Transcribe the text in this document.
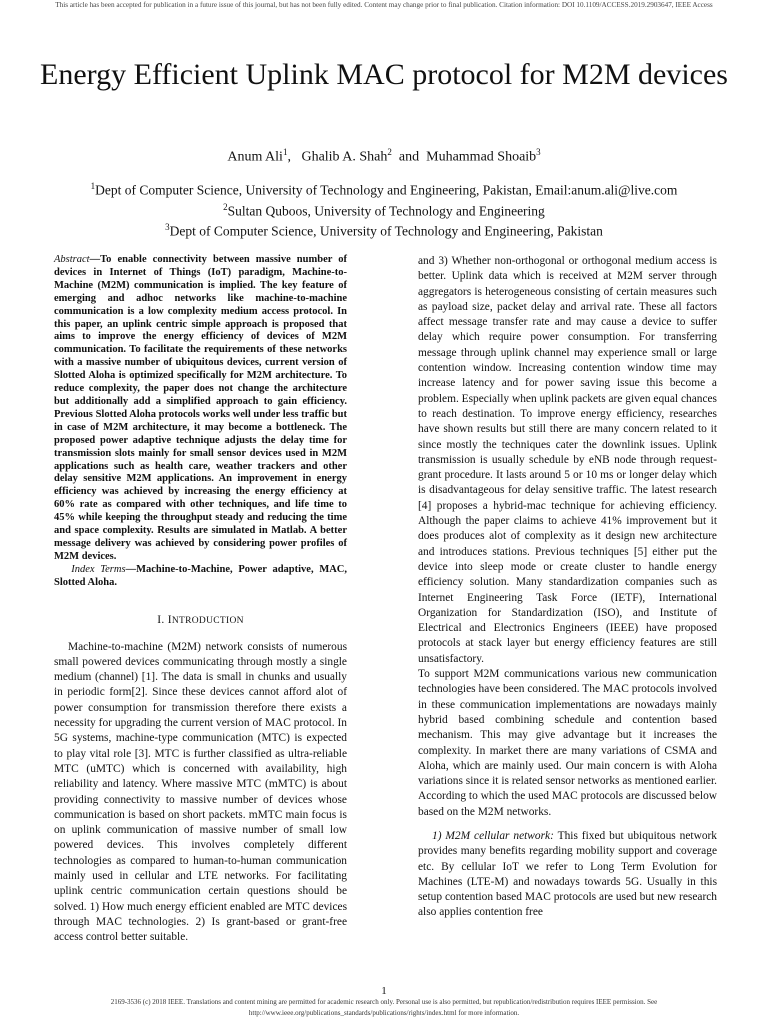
This article has been accepted for publication in a future issue of this journal, but has not been fully edited. Content may change prior to final publication. Citation information: DOI 10.1109/ACCESS.2019.2903647, IEEE Access
Energy Efficient Uplink MAC protocol for M2M devices
Anum Ali$^1$,   Ghalib A. Shah$^2$ and Muhammad Shoaib$^3$
$^1$Dept of Computer Science, University of Technology and Engineering, Pakistan, Email:anum.ali@live.com
$^2$Sultan Quboos, University of Technology and Engineering
$^3$Dept of Computer Science, University of Technology and Engineering, Pakistan

Abstract—To enable connectivity between massive number of devices in Internet of Things (IoT) paradigm, Machine-to-Machine (M2M) communication is implied. The key feature of emerging and adhoc networks like machine-to-machine communication is a low complexity medium access protocol. In this paper, an uplink centric simple approach is proposed that aims to improve the energy efficiency of devices of M2M communication. To facilitate the requirements of these networks with a massive number of ubiquitous devices, current version of Slotted Aloha is optimized specifically for M2M architecture. To reduce complexity, the paper does not change the architecture but additionally add a simplified approach to gain efficiency. Previous Slotted Aloha protocols works well under less traffic but in case of M2M architecture, it may become a bottleneck. The proposed power adaptive technique adjusts the delay time for transmission slots mainly for small sensor devices used in M2M applications such as health care, weather trackers and other delay sensitive M2M applications. An improvement in energy efficiency was achieved by increasing the energy efficiency at 60% rate as compared with other techniques, and life time to 45% while keeping the throughput steady and reducing the time and space complexity. Results are simulated in Matlab. A better message delivery was achieved by considering power profiles of M2M devices.

Index Terms—Machine-to-Machine, Power adaptive, MAC, Slotted Aloha.

I. INTRODUCTION

Machine-to-machine (M2M) network consists of numerous small powered devices communicating through mostly a single medium (channel) [1]. The data is small in chunks and usually in periodic form[2]. Since these devices cannot afford alot of power consumption for transmission therefore there exists a necessity for upgrading the current version of MAC protocol. In 5G systems, machine-type communication (MTC) is expected to play vital role [3]. MTC is further classified as ultra-reliable MTC (uMTC) which is concerned with availability, high reliability and latency. Where massive MTC (mMTC) is about providing connectivity to massive number of devices whose communication is based on short packets. mMTC main focus is on uplink communication of massive number of small low powered devices. This involves completely different technologies as compared to human-to-human communication mainly used in cellular and LTE networks. For facilitating uplink centric communication certain questions should be solved. 1) How much energy efficient enabled are MTC devices through MAC technologies. 2) Is grant-based or grant-free access control better suitable.

and 3) Whether non-orthogonal or orthogonal medium access is better. Uplink data which is received at M2M server through aggregators is heterogeneous consisting of certain measures such as payload size, packet delay and arrival rate. These all factors affect message transfer rate and may cause a device to suffer delay which require power consumption. For transferring message through uplink channel may experience small or large contention window. Increasing contention window time may increase latency and for power saving issue this become a problem. Especially when uplink packets are given equal chances to reach destination. To improve energy efficiency, researches have shown results but still there are many concern related to it since mostly the techniques cater the downlink issues. Uplink transmission is usually schedule by eNB node through request-grant procedure. It lasts around 5 or 10 ms or longer delay which is disadvantageous for delay sensitive traffic. The latest research [4] proposes a hybrid-mac technique for achieving efficiency. Although the paper claims to achieve 41% improvement but it does produces alot of complexity as it design new architecture and introduces stations. Previous techniques [5] either put the device into sleep mode or create cluster to handle energy efficiency solution. Many standardization companies such as Internet Engineering Task Force (IETF), International Organization for Standardization (ISO), and Institute of Electrical and Electronics Engineers (IEEE) have proposed protocols at stack layer but energy efficiency features are still unsatisfactory.

To support M2M communications various new communication technologies have been considered. The MAC protocols involved in these communication implementations are nowadays mainly hybrid based combining schedule and contention based mechanism. This may give advantage but it increases the complexity. In market there are many variations of CSMA and Aloha, which are mainly used. Our main concern is with Aloha variations since it is related sensor networks as mentioned earlier. According to which the used MAC protocols are discussed below based on the M2M networks.

1) M2M cellular network: This fixed but ubiquitous network provides many benefits regarding mobility support and coverage etc. By cellular IoT we refer to Long Term Evolution for Machines (LTE-M) and nowadays towards 5G. Usually in this setup contention based MAC protocols are used but new research also applies contention free

1
2169-3536 (c) 2018 IEEE. Translations and content mining are permitted for academic research only. Personal use is also permitted, but republication/redistribution requires IEEE permission. See
http://www.ieee.org/publications_standards/publications/rights/index.html for more information.
